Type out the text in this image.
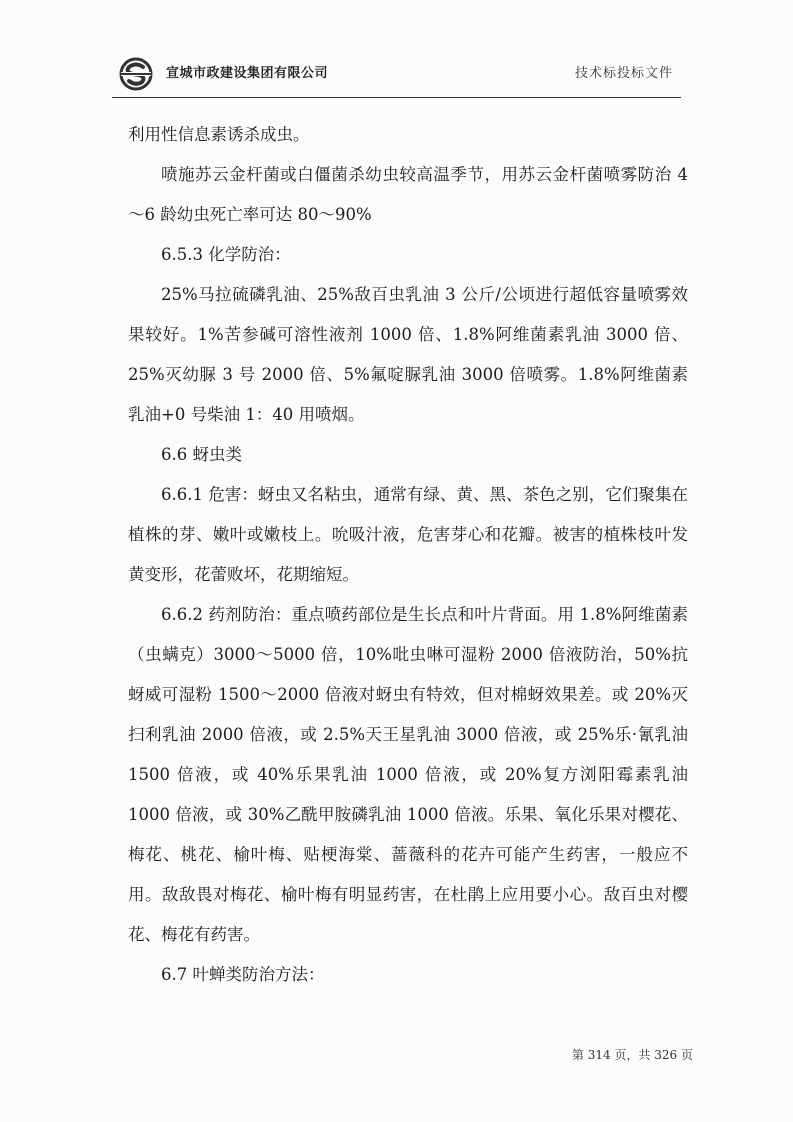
宣城市政建设集团有限公司	技术标投标文件

利用性信息素诱杀成虫。

喷施苏云金杆菌或白僵菌杀幼虫较高温季节，用苏云金杆菌喷雾防治 4～6 龄幼虫死亡率可达 80～90%

6.5.3 化学防治：

25%马拉硫磷乳油、25%敌百虫乳油 3 公斤/公顷进行超低容量喷雾效果较好。1%苦参碱可溶性液剂 1000 倍、1.8%阿维菌素乳油 3000 倍、25%灭幼脲 3 号 2000 倍、5%氟啶脲乳油 3000 倍喷雾。1.8%阿维菌素乳油+0 号柴油 1：40 用喷烟。

6.6 蚜虫类

6.6.1 危害：蚜虫又名粘虫，通常有绿、黄、黑、茶色之别，它们聚集在植株的芽、嫩叶或嫩枝上。吮吸汁液，危害芽心和花瓣。被害的植株枝叶发黄变形，花蕾败坏，花期缩短。

6.6.2 药剂防治：重点喷药部位是生长点和叶片背面。用 1.8%阿维菌素（虫螨克）3000～5000 倍，10%吡虫啉可湿粉 2000 倍液防治，50%抗蚜威可湿粉 1500～2000 倍液对蚜虫有特效，但对棉蚜效果差。或 20%灭扫利乳油 2000 倍液，或 2.5%天王星乳油 3000 倍液，或 25%乐·氰乳油 1500 倍液，或 40%乐果乳油 1000 倍液，或 20%复方浏阳霉素乳油 1000 倍液，或 30%乙酰甲胺磷乳油 1000 倍液。乐果、氧化乐果对樱花、梅花、桃花、榆叶梅、贴梗海棠、蔷薇科的花卉可能产生药害，一般应不用。敌敌畏对梅花、榆叶梅有明显药害，在杜鹃上应用要小心。敌百虫对樱花、梅花有药害。

6.7 叶蝉类防治方法：

第 314 页，共 326 页
